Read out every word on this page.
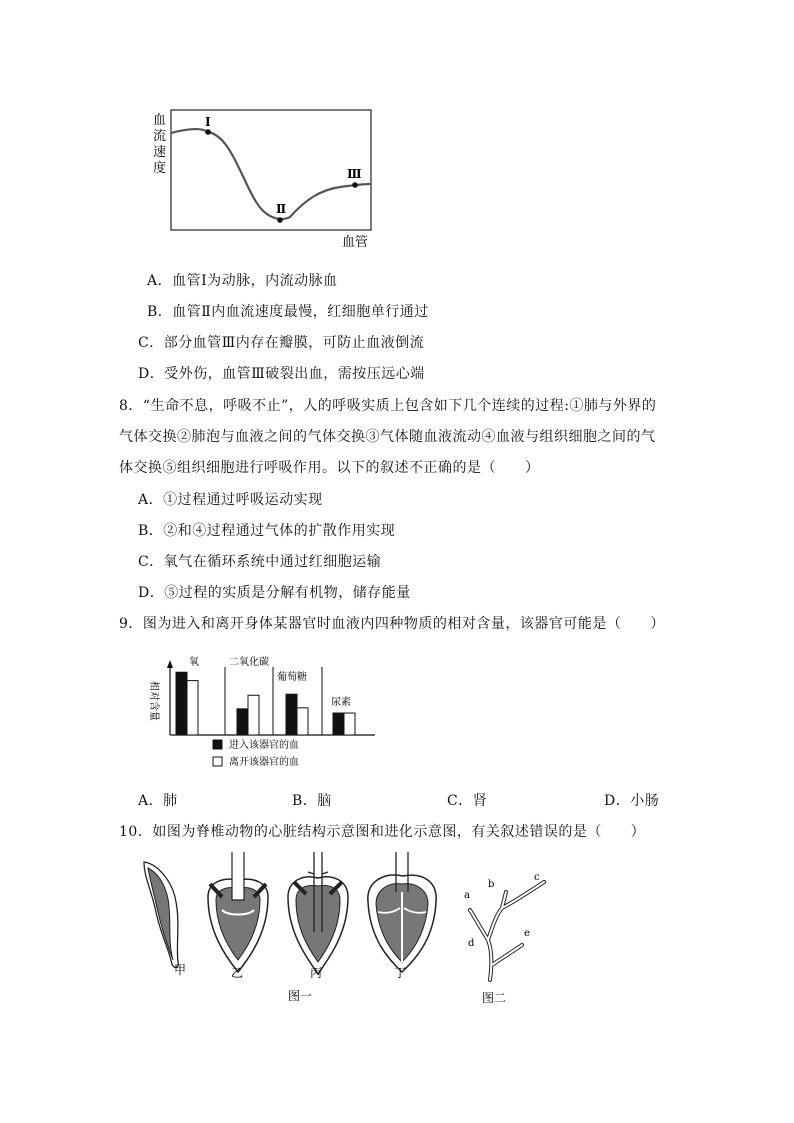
Ⅰ
Ⅱ
Ⅲ
血
流
速
度
血管
A．血管Ⅰ为动脉，内流动脉血
B．血管Ⅱ内血流速度最慢，红细胞单行通过
C．部分血管Ⅲ内存在瓣膜，可防止血液倒流
D．受外伤，血管Ⅲ破裂出血，需按压远心端
8．“生命不息，呼吸不止”，人的呼吸实质上包含如下几个连续的过程:①肺与外界的
气体交换②肺泡与血液之间的气体交换③气体随血液流动④血液与组织细胞之间的气
体交换⑤组织细胞进行呼吸作用。以下的叙述不正确的是（　　）
A．①过程通过呼吸运动实现
B．②和④过程通过气体的扩散作用实现
C．氧气在循环系统中通过红细胞运输
D．⑤过程的实质是分解有机物，储存能量
9．图为进入和离开身体某器官时血液内四种物质的相对含量，该器官可能是（　　）
相对含量
氧	二氧化碳
葡萄糖
尿素
进入该器官的血
离开该器官的血
A．肺	B．脑	C．肾	D．小肠
10．如图为脊椎动物的心脏结构示意图和进化示意图，有关叙述错误的是（　　）
甲	乙	丙	丁
图一
a
b
c
d
e
图二
